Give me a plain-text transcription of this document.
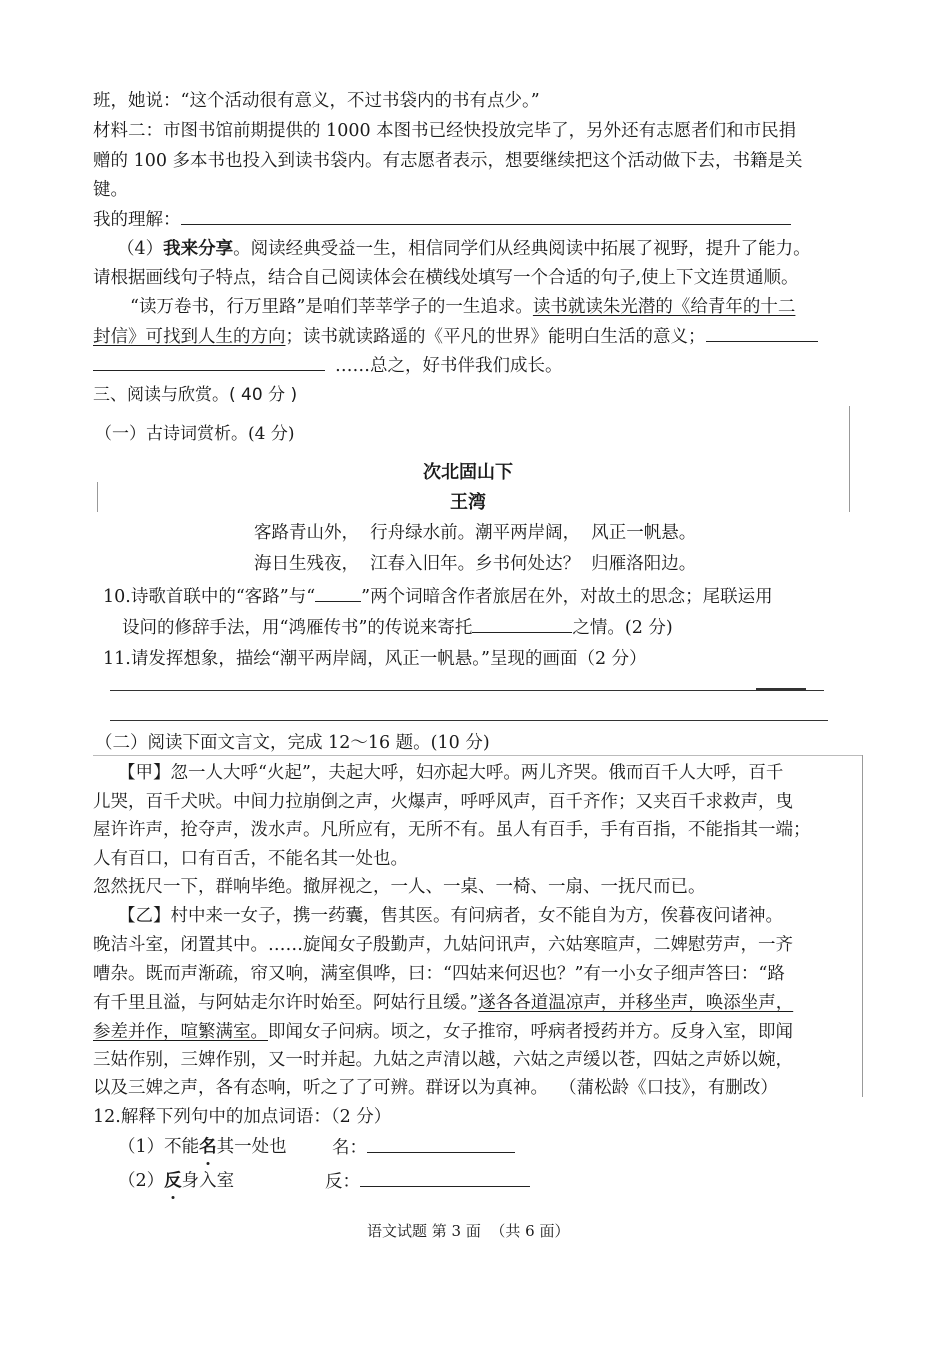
班，她说：“这个活动很有意义，不过书袋内的书有点少。”
材料二：市图书馆前期提供的 1000 本图书已经快投放完毕了，另外还有志愿者们和市民捐
赠的 100 多本书也投入到读书袋内。有志愿者表示，想要继续把这个活动做下去，书籍是关
键。
我的理解：
（4）我来分享。阅读经典受益一生，相信同学们从经典阅读中拓展了视野，提升了能力。
请根据画线句子特点，结合自己阅读体会在横线处填写一个合适的句子,使上下文连贯通顺。
“读万卷书，行万里路”是咱们莘莘学子的一生追求。读书就读朱光潜的《给青年的十二
封信》可找到人生的方向；读书就读路遥的《平凡的世界》能明白生活的意义；
……总之，好书伴我们成长。
三、阅读与欣赏。( 40 分 )
（一）古诗词赏析。(4 分)
次北固山下
王湾
客路青山外，  行舟绿水前。潮平两岸阔，  风正一帆悬。
海日生残夜，  江春入旧年。乡书何处达？  归雁洛阳边。
10.诗歌首联中的“客路”与“	”两个词暗含作者旅居在外，对故土的思念；尾联运用
设问的修辞手法，用“鸿雁传书”的传说来寄托	之情。(2 分)
11.请发挥想象，描绘“潮平两岸阔，风正一帆悬。”呈现的画面（2 分）
（二）阅读下面文言文，完成 12～16 题。(10 分)
【甲】忽一人大呼“火起”，夫起大呼，妇亦起大呼。两儿齐哭。俄而百千人大呼，百千
儿哭，百千犬吠。中间力拉崩倒之声，火爆声，呼呼风声，百千齐作；又夹百千求救声，曳
屋许许声，抢夺声，泼水声。凡所应有，无所不有。虽人有百手，手有百指，不能指其一端；
人有百口，口有百舌，不能名其一处也。
忽然抚尺一下，群响毕绝。撤屏视之，一人、一桌、一椅、一扇、一抚尺而已。
【乙】村中来一女子，携一药囊，售其医。有问病者，女不能自为方，俟暮夜问诸神。
晚洁斗室，闭置其中。……旋闻女子殷勤声，九姑问讯声，六姑寒暄声，二婢慰劳声，一齐
嘈杂。既而声渐疏，帘又响，满室俱哗，曰：“四姑来何迟也？”有一小女子细声答曰：“路
有千里且溢，与阿姑走尔许时始至。阿姑行且缓。”遂各各道温凉声，并移坐声，唤添坐声，
参差并作，喧繁满室。即闻女子问病。顷之，女子推帘，呼病者授药并方。反身入室，即闻
三姑作别，三婢作别，又一时并起。九姑之声清以越，六姑之声缓以苍，四姑之声娇以婉，
以及三婢之声，各有态响，听之了了可辨。群讶以为真神。  （蒲松龄《口技》，有删改）
12.解释下列句中的加点词语：（2 分）
（1）不能名其一处也	名：
（2）反身入室	反：
语文试题 第 3 面  （共 6 面）
